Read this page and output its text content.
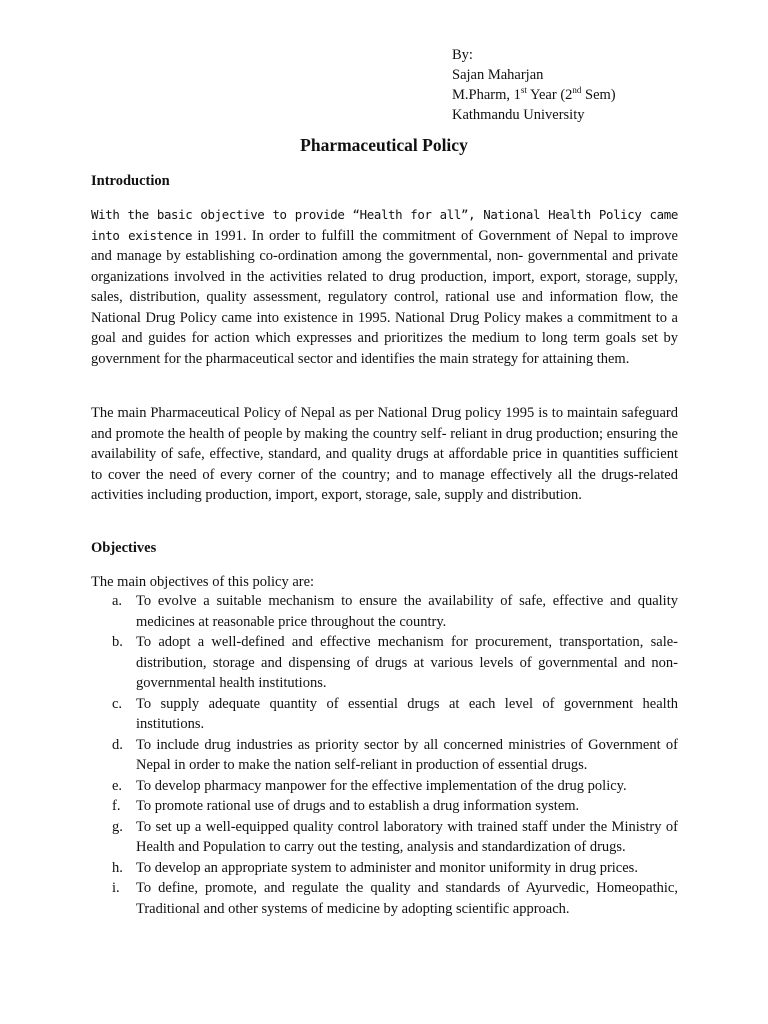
By:
Sajan Maharjan
M.Pharm, 1st Year (2nd Sem)
Kathmandu University
Pharmaceutical Policy
Introduction

With the basic objective to provide “Health for all”, National Health Policy came into existence in 1991. In order to fulfill the commitment of Government of Nepal to improve and manage by establishing co-ordination among the governmental, non- governmental and private organizations involved in the activities related to drug production, import, export, storage, supply, sales, distribution, quality assessment, regulatory control, rational use and information flow, the National Drug Policy came into existence in 1995. National Drug Policy makes a commitment to a goal and guides for action which expresses and prioritizes the medium to long term goals set by government for the pharmaceutical sector and identifies the main strategy for attaining them.

The main Pharmaceutical Policy of Nepal as per National Drug policy 1995 is to maintain safeguard and promote the health of people by making the country self- reliant in drug production; ensuring the availability of safe, effective, standard, and quality drugs at affordable price in quantities sufficient to cover the need of every corner of the country; and to manage effectively all the drugs-related activities including production, import, export, storage, sale, supply and distribution.

Objectives

The main objectives of this policy are:

a. To evolve a suitable mechanism to ensure the availability of safe, effective and quality medicines at reasonable price throughout the country.
b. To adopt a well-defined and effective mechanism for procurement, transportation, sale-distribution, storage and dispensing of drugs at various levels of governmental and non-governmental health institutions.
c. To supply adequate quantity of essential drugs at each level of government health institutions.
d. To include drug industries as priority sector by all concerned ministries of Government of Nepal in order to make the nation self-reliant in production of essential drugs.
e. To develop pharmacy manpower for the effective implementation of the drug policy.
f. To promote rational use of drugs and to establish a drug information system.
g. To set up a well-equipped quality control laboratory with trained staff under the Ministry of Health and Population to carry out the testing, analysis and standardization of drugs.
h. To develop an appropriate system to administer and monitor uniformity in drug prices.
i. To define, promote, and regulate the quality and standards of Ayurvedic, Homeopathic, Traditional and other systems of medicine by adopting scientific approach.
